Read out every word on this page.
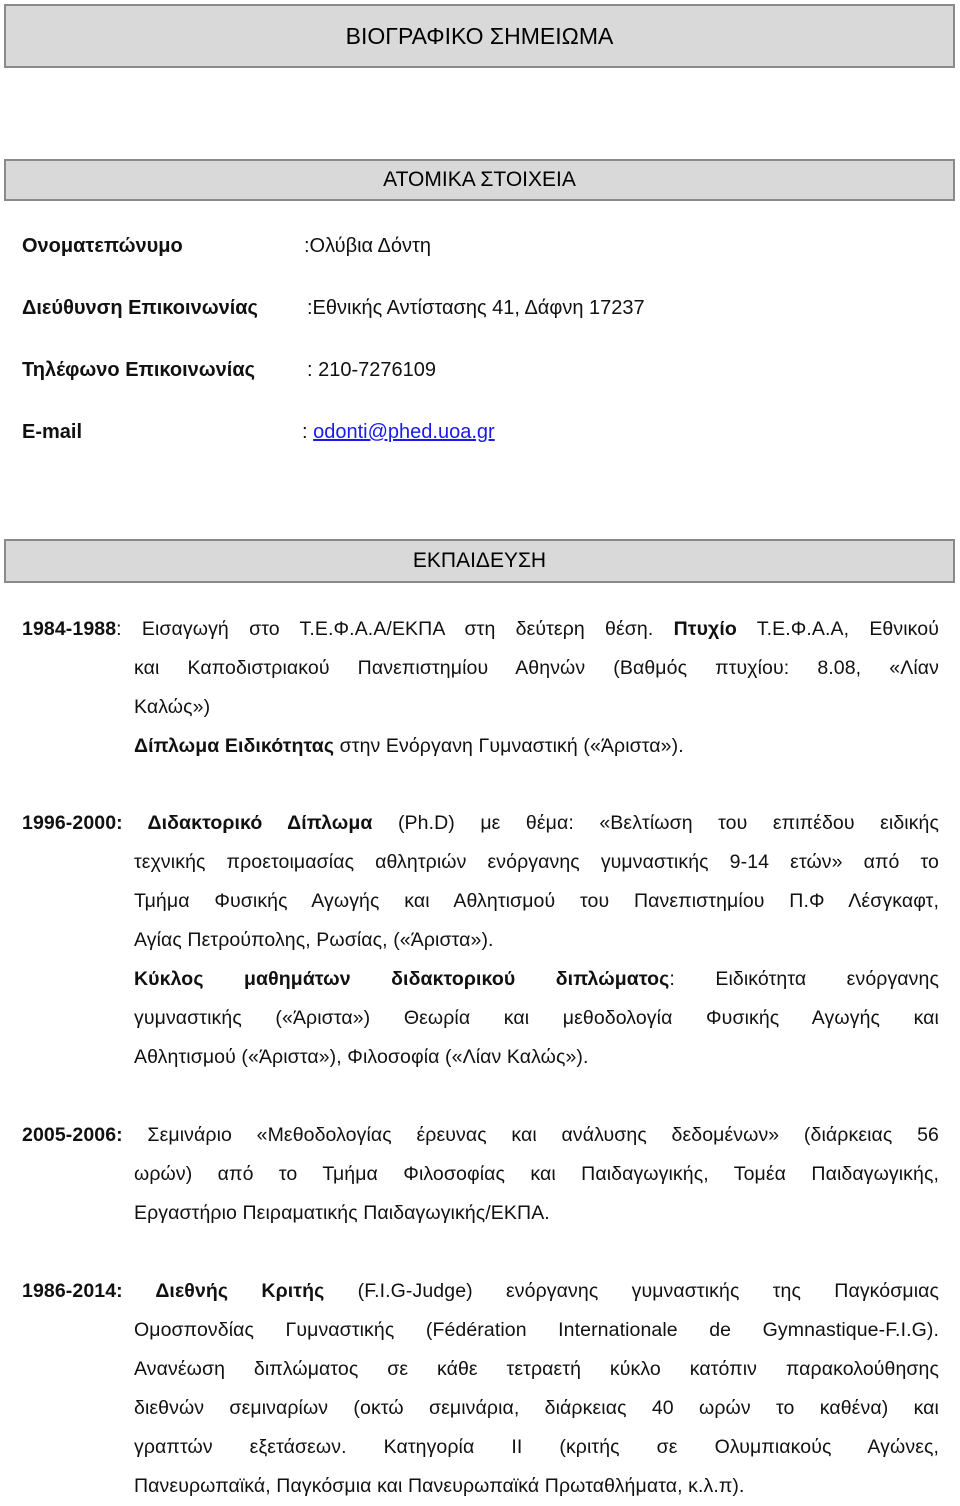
ΒΙΟΓΡΑΦΙΚΟ ΣΗΜΕΙΩΜΑ
ΑΤΟΜΙΚΑ ΣΤΟΙΧΕΙΑ
Ονοματεπώνυμο	:Ολύβια Δόντη
Διεύθυνση Επικοινωνίας :Εθνικής Αντίστασης 41, Δάφνη 17237
Τηλέφωνο Επικοινωνίας	: 210-7276109
E-mail	: odonti@phed.uoa.gr
ΕΚΠΑΙΔΕΥΣΗ
1984-1988: Εισαγωγή στο Τ.Ε.Φ.Α.Α/ΕΚΠΑ στη δεύτερη θέση. Πτυχίο Τ.Ε.Φ.Α.Α, Εθνικού
και Καποδιστριακού Πανεπιστημίου Αθηνών (Βαθμός πτυχίου: 8.08, «Λίαν
Καλώς»)
Δίπλωμα Ειδικότητας στην Ενόργανη Γυμναστική («Άριστα»).
1996-2000: Διδακτορικό Δίπλωμα (Ph.D) με θέμα: «Βελτίωση του επιπέδου ειδικής
τεχνικής προετοιμασίας αθλητριών ενόργανης γυμναστικής 9-14 ετών» από το
Τμήμα Φυσικής Αγωγής και Αθλητισμού του Πανεπιστημίου Π.Φ Λέσγκαφτ,
Αγίας Πετρούπολης, Ρωσίας, («Άριστα»).
Κύκλος μαθημάτων διδακτορικού διπλώματος: Ειδικότητα ενόργανης
γυμναστικής («Άριστα») Θεωρία και μεθοδολογία Φυσικής Αγωγής και
Αθλητισμού («Άριστα»), Φιλοσοφία («Λίαν Καλώς»).
2005-2006: Σεμινάριο «Μεθοδολογίας έρευνας και ανάλυσης δεδομένων» (διάρκειας 56
ωρών) από το Τμήμα Φιλοσοφίας και Παιδαγωγικής, Τομέα Παιδαγωγικής,
Εργαστήριο Πειραματικής Παιδαγωγικής/ΕΚΠΑ.
1986-2014: Διεθνής Κριτής (F.I.G-Judge) ενόργανης γυμναστικής της Παγκόσμιας
Ομοσπονδίας Γυμναστικής (Fédération Internationale de Gymnastique-F.I.G).
Ανανέωση διπλώματος σε κάθε τετραετή κύκλο κατόπιν παρακολούθησης
διεθνών σεμιναρίων (οκτώ σεμινάρια, διάρκειας 40 ωρών το καθένα) και
γραπτών εξετάσεων. Κατηγορία ΙΙ (κριτής σε Ολυμπιακούς Αγώνες,
Πανευρωπαϊκά, Παγκόσμια και Πανευρωπαϊκά Πρωταθλήματα, κ.λ.π).
